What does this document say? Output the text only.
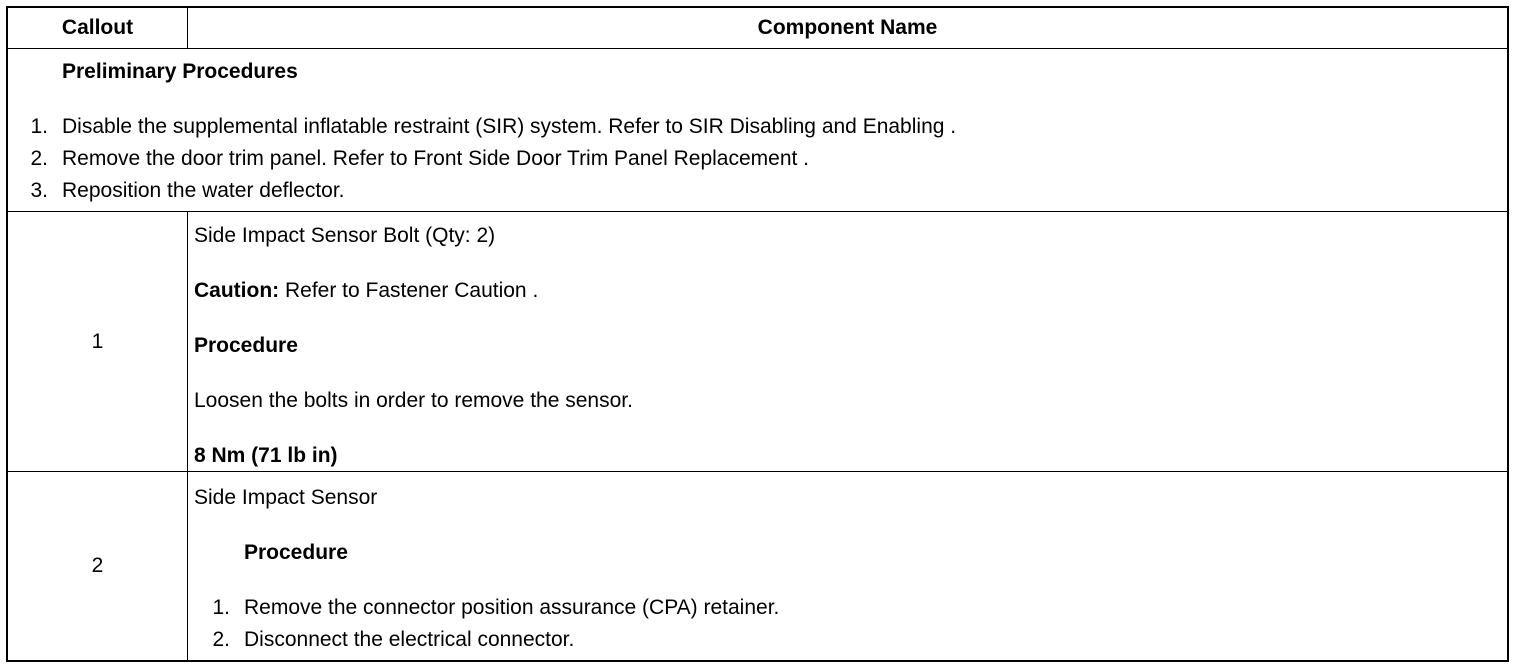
Callout	Component Name
Preliminary Procedures
1. Disable the supplemental inflatable restraint (SIR) system. Refer to SIR Disabling and Enabling .
2. Remove the door trim panel. Refer to Front Side Door Trim Panel Replacement .
3. Reposition the water deflector.
1
Side Impact Sensor Bolt (Qty: 2)
Caution: Refer to Fastener Caution .
Procedure
Loosen the bolts in order to remove the sensor.
8 Nm (71 lb in)
2
Side Impact Sensor
Procedure
1. Remove the connector position assurance (CPA) retainer.
2. Disconnect the electrical connector.
